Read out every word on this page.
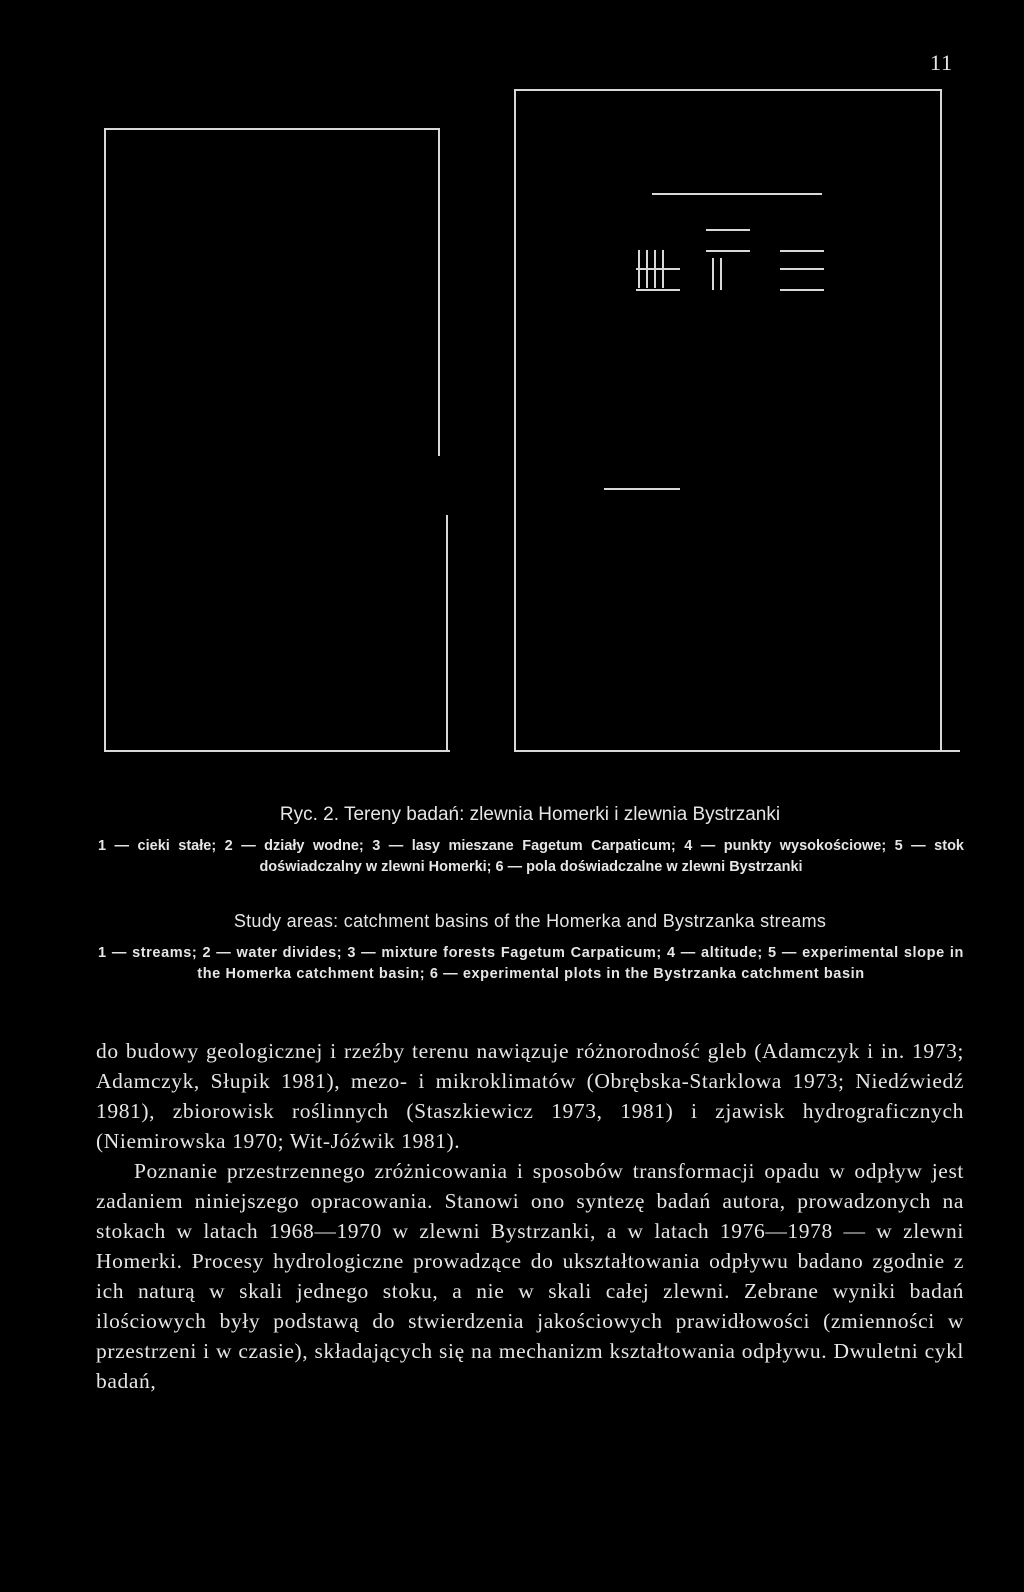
11
Ryc. 2. Tereny badań: zlewnia Homerki i zlewnia Bystrzanki
1 — cieki stałe; 2 — działy wodne; 3 — lasy mieszane Fagetum Carpaticum; 4 — punkty wysokościowe; 5 — stok doświadczalny w zlewni Homerki; 6 — pola doświadczalne w zlewni Bystrzanki
Study areas: catchment basins of the Homerka and Bystrzanka streams
1 — streams; 2 — water divides; 3 — mixture forests Fagetum Carpaticum; 4 — altitude; 5 — experimental slope in the Homerka catchment basin; 6 — experimental plots in the Bystrzanka catchment basin

do budowy geologicznej i rzeźby terenu nawiązuje różnorodność gleb (Adamczyk i in. 1973; Adamczyk, Słupik 1981), mezo- i mikroklimatów (Obrębska-Starklowa 1973; Niedźwiedź 1981), zbiorowisk roślinnych (Staszkiewicz 1973, 1981) i zjawisk hydrograficznych (Niemirowska 1970; Wit-Jóźwik 1981).

Poznanie przestrzennego zróżnicowania i sposobów transformacji opadu w odpływ jest zadaniem niniejszego opracowania. Stanowi ono syntezę badań autora, prowadzonych na stokach w latach 1968—1970 w zlewni Bystrzanki, a w latach 1976—1978 — w zlewni Homerki. Procesy hydrologiczne prowadzące do ukształtowania odpływu badano zgodnie z ich naturą w skali jednego stoku, a nie w skali całej zlewni. Zebrane wyniki badań ilościowych były podstawą do stwierdzenia jakościowych prawidłowości (zmienności w przestrzeni i w czasie), składających się na mechanizm kształtowania odpływu. Dwuletni cykl badań,
